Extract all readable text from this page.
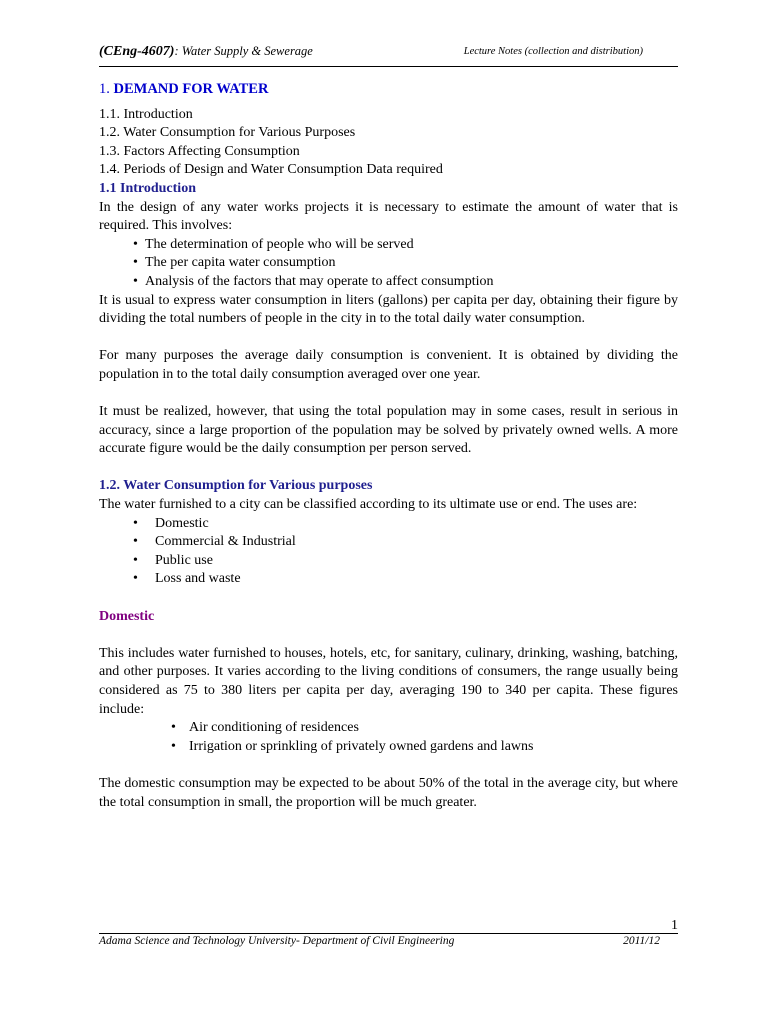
(CEng-4607): Water Supply & Sewerage	Lecture Notes (collection and distribution)

1. DEMAND FOR WATER

1.1. Introduction

1.2. Water Consumption for Various Purposes

1.3. Factors Affecting Consumption

1.4. Periods of Design and Water Consumption Data required

1.1 Introduction

In the design of any water works projects it is necessary to estimate the amount of water that is required. This involves:

• The determination of people who will be served
• The per capita water consumption
• Analysis of the factors that may operate to affect consumption

It is usual to express water consumption in liters (gallons) per capita per day, obtaining their figure by dividing the total numbers of people in the city in to the total daily water consumption.

For many purposes the average daily consumption is convenient. It is obtained by dividing the population in to the total daily consumption averaged over one year.

It must be realized, however, that using the total population may in some cases, result in serious in accuracy, since a large proportion of the population may be solved by privately owned wells. A more accurate figure would be the daily consumption per person served.

1.2. Water Consumption for Various purposes

The water furnished to a city can be classified according to its ultimate use or end. The uses are:

• Domestic
• Commercial & Industrial
• Public use
• Loss and waste

Domestic

This includes water furnished to houses, hotels, etc, for sanitary, culinary, drinking, washing, batching, and other purposes. It varies according to the living conditions of consumers, the range usually being considered as 75 to 380 liters per capita per day, averaging 190 to 340 per capita. These figures include:

• Air conditioning of residences
• Irrigation or sprinkling of privately owned gardens and lawns

The domestic consumption may be expected to be about 50% of the total in the average city, but where the total consumption in small, the proportion will be much greater.

1
Adama Science and Technology University- Department of Civil Engineering	2011/12
